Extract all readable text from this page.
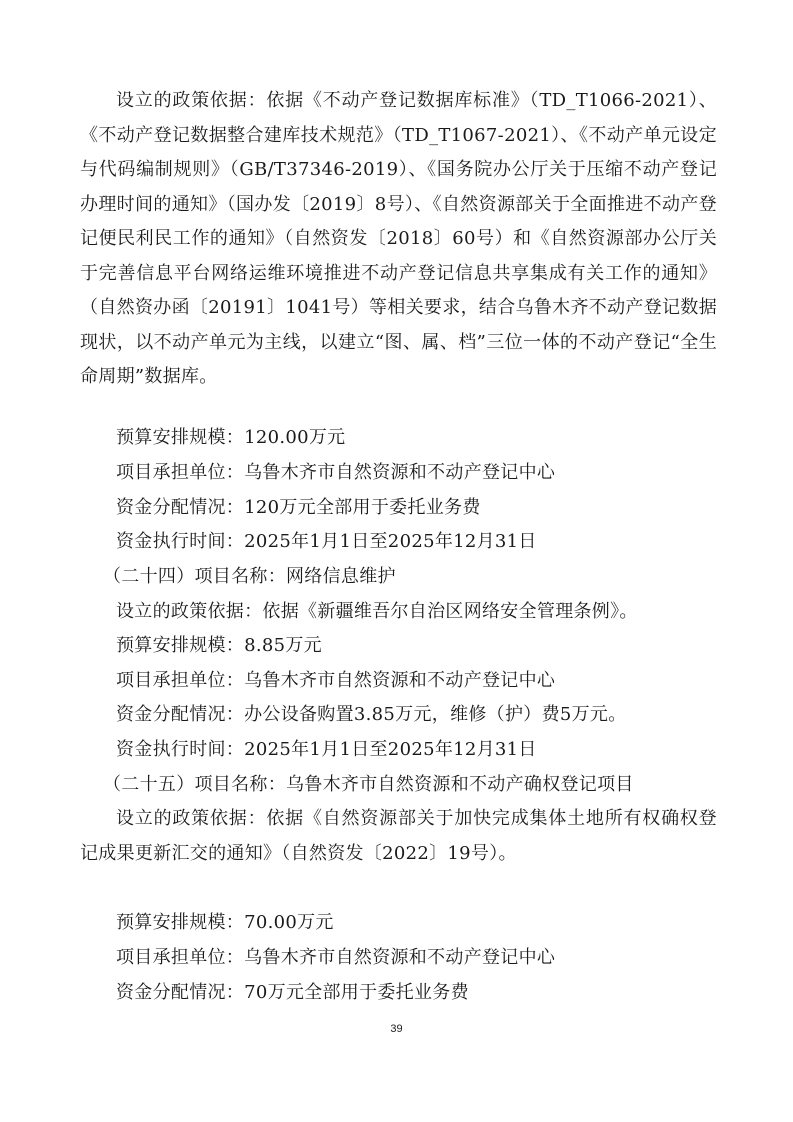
设立的政策依据：依据《不动产登记数据库标准》（TD_T1066-2021）、《不动产登记数据整合建库技术规范》（TD_T1067-2021）、《不动产单元设定与代码编制规则》（GB/T37346-2019）、《国务院办公厅关于压缩不动产登记办理时间的通知》（国办发〔2019〕8号）、《自然资源部关于全面推进不动产登记便民利民工作的通知》（自然资发〔2018〕60号）和《自然资源部办公厅关于完善信息平台网络运维环境推进不动产登记信息共享集成有关工作的通知》（自然资办函〔20191〕1041号）等相关要求，结合乌鲁木齐不动产登记数据现状，以不动产单元为主线，以建立“图、属、档”三位一体的不动产登记“全生命周期”数据库。

预算安排规模：120.00万元
项目承担单位：乌鲁木齐市自然资源和不动产登记中心
资金分配情况：120万元全部用于委托业务费
资金执行时间：2025年1月1日至2025年12月31日
（二十四）项目名称：网络信息维护
设立的政策依据：依据《新疆维吾尔自治区网络安全管理条例》。
预算安排规模：8.85万元
项目承担单位：乌鲁木齐市自然资源和不动产登记中心
资金分配情况：办公设备购置3.85万元，维修（护）费5万元。
资金执行时间：2025年1月1日至2025年12月31日
（二十五）项目名称：乌鲁木齐市自然资源和不动产确权登记项目

设立的政策依据：依据《自然资源部关于加快完成集体土地所有权确权登记成果更新汇交的通知》（自然资发〔2022〕19号）。

预算安排规模：70.00万元
项目承担单位：乌鲁木齐市自然资源和不动产登记中心
资金分配情况：70万元全部用于委托业务费
39
